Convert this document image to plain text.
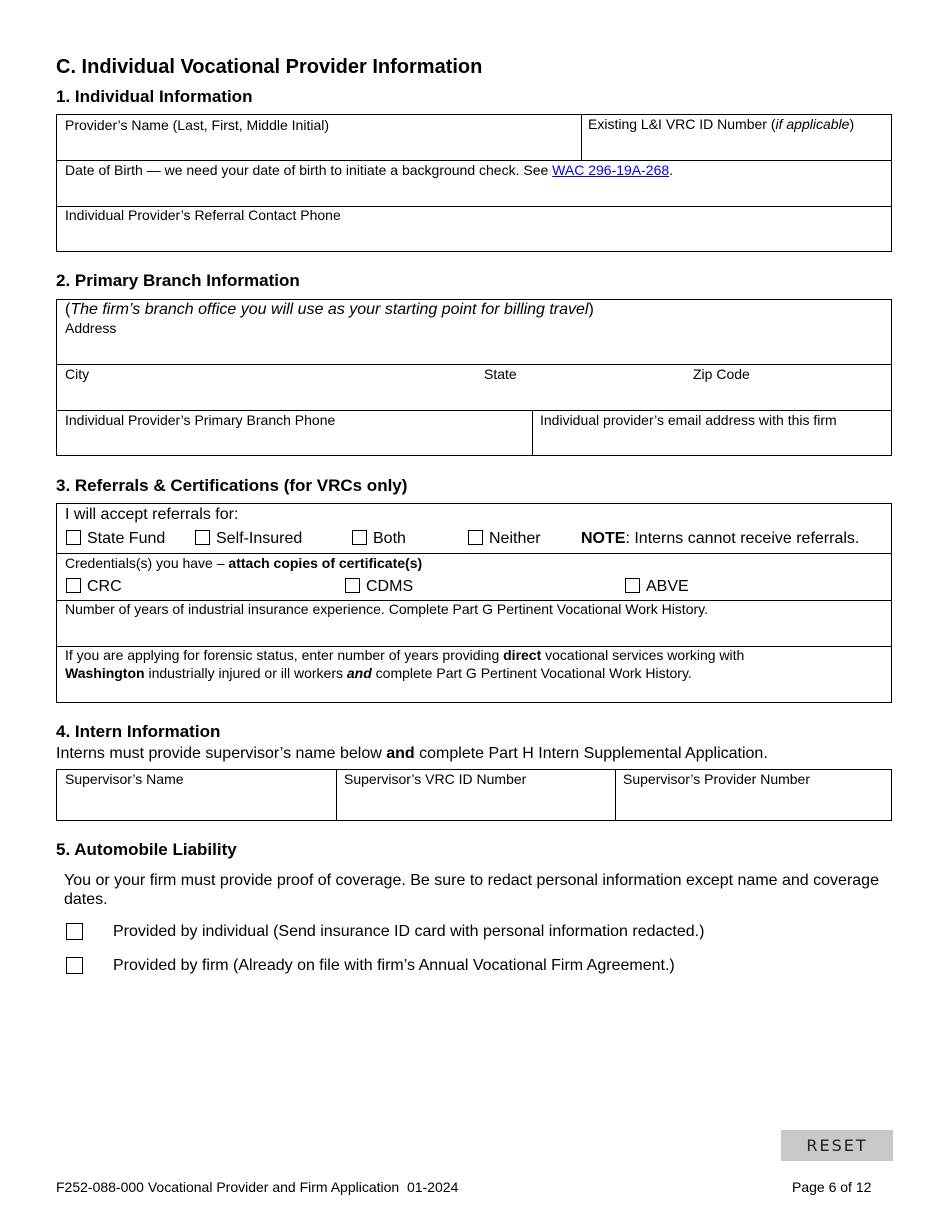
C. Individual Vocational Provider Information
1. Individual Information
Provider’s Name (Last, First, Middle Initial)	Existing L&I VRC ID Number (if applicable)
Date of Birth — we need your date of birth to initiate a background check. See WAC 296-19A-268.
Individual Provider’s Referral Contact Phone
2. Primary Branch Information
(The firm’s branch office you will use as your starting point for billing travel)
Address
City	State	Zip Code
Individual Provider’s Primary Branch Phone	Individual provider’s email address with this firm
3. Referrals & Certifications (for VRCs only)
I will accept referrals for:
State Fund	Self-Insured	Both	Neither	NOTE: Interns cannot receive referrals.
Credentials(s) you have – attach copies of certificate(s)
CRC	CDMS	ABVE
Number of years of industrial insurance experience. Complete Part G Pertinent Vocational Work History.
If you are applying for forensic status, enter number of years providing direct vocational services working with
Washington industrially injured or ill workers and complete Part G Pertinent Vocational Work History.
4. Intern Information
Interns must provide supervisor’s name below and complete Part H Intern Supplemental Application.
Supervisor’s Name	Supervisor’s VRC ID Number	Supervisor’s Provider Number
5. Automobile Liability
You or your firm must provide proof of coverage. Be sure to redact personal information except name and coverage dates.
Provided by individual (Send insurance ID card with personal information redacted.)
Provided by firm (Already on file with firm’s Annual Vocational Firm Agreement.)
RESET
F252-088-000 Vocational Provider and Firm Application  01-2024	Page 6 of 12
